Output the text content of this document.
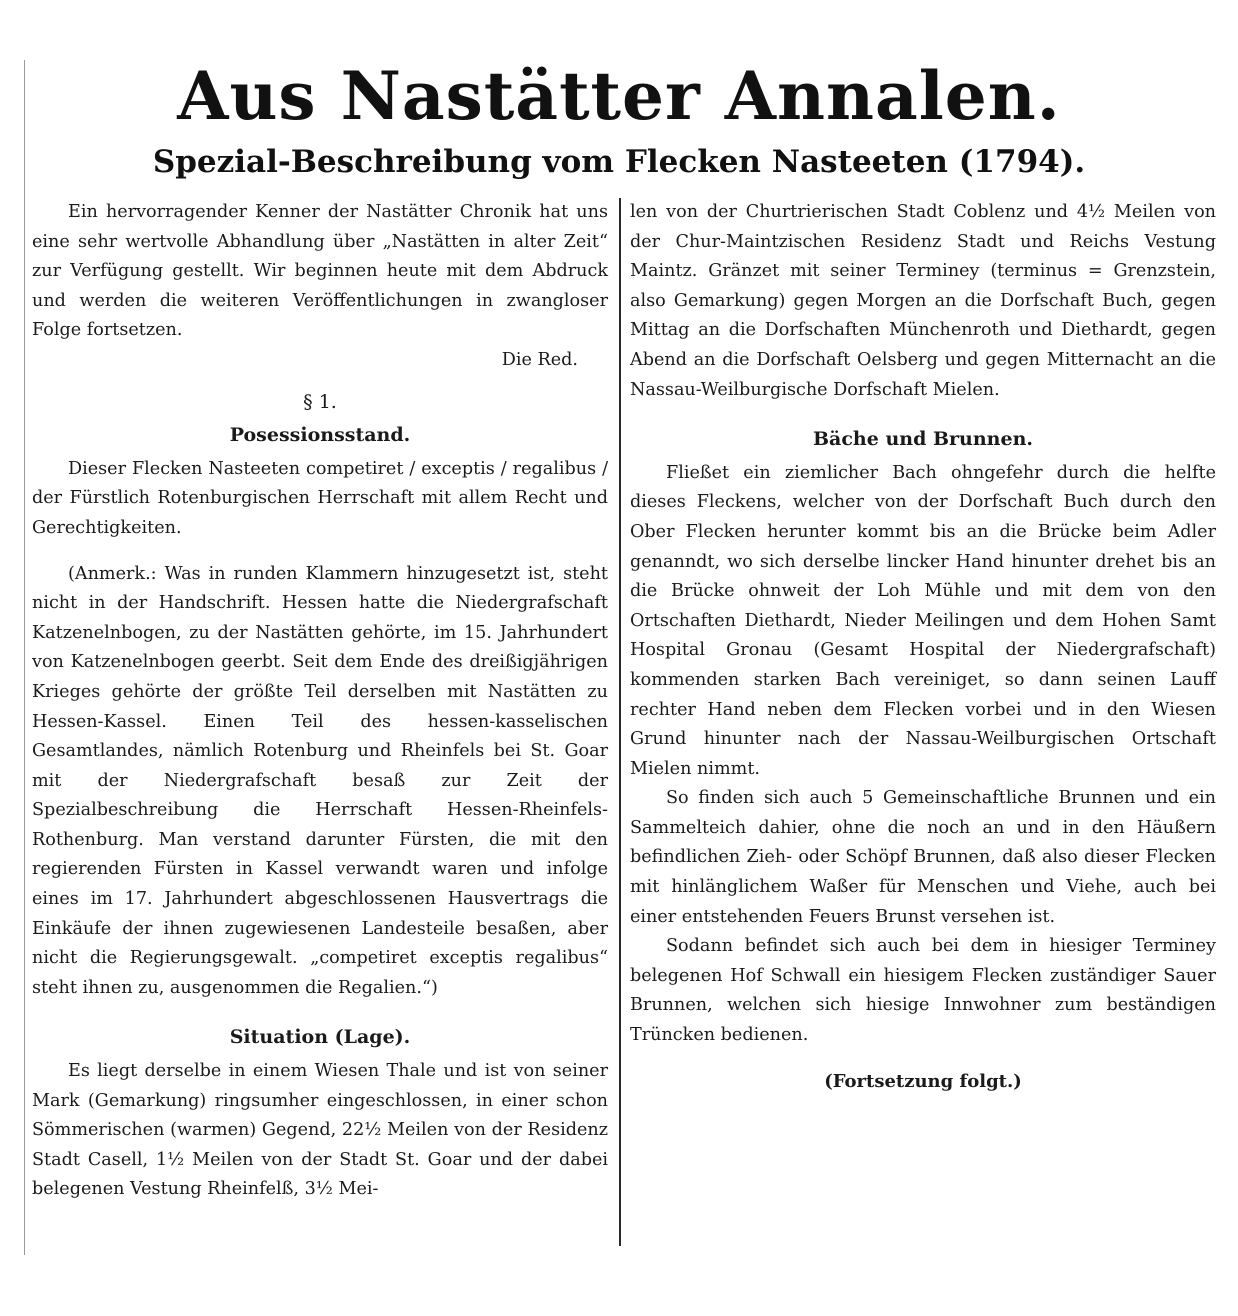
Aus Nastätter Annalen.
Spezial-Beschreibung vom Flecken Nasteeten (1794).

Ein hervorragender Kenner der Nastätter Chronik hat uns eine sehr wertvolle Abhandlung über „Nastätten in alter Zeit“ zur Verfügung gestellt. Wir beginnen heute mit dem Abdruck und werden die weiteren Veröffentlichungen in zwangloser Folge fortsetzen.

Die Red.

§ 1.

Posessionsstand.

Dieser Flecken Nasteeten competiret / exceptis / regalibus / der Fürstlich Rotenburgischen Herrschaft mit allem Recht und Gerechtigkeiten.

(Anmerk.: Was in runden Klammern hinzugesetzt ist, steht nicht in der Handschrift. Hessen hatte die Niedergrafschaft Katzenelnbogen, zu der Nastätten gehörte, im 15. Jahrhundert von Katzenelnbogen geerbt. Seit dem Ende des dreißigjährigen Krieges gehörte der größte Teil derselben mit Nastätten zu Hessen-Kassel. Einen Teil des hessen-kasselischen Gesamtlandes, nämlich Rotenburg und Rheinfels bei St. Goar mit der Niedergrafschaft besaß zur Zeit der Spezialbeschreibung die Herrschaft Hessen-Rheinfels-Rothenburg. Man verstand darunter Fürsten, die mit den regierenden Fürsten in Kassel verwandt waren und infolge eines im 17. Jahrhundert abgeschlossenen Hausvertrags die Einkäufe der ihnen zugewiesenen Landesteile besaßen, aber nicht die Regierungsgewalt. „competiret exceptis regalibus“ steht ihnen zu, ausgenommen die Regalien.“)

Situation (Lage).

Es liegt derselbe in einem Wiesen Thale und ist von seiner Mark (Gemarkung) ringsumher eingeschlossen, in einer schon Sömmerischen (warmen) Gegend, 22½ Meilen von der Residenz Stadt Casell, 1½ Meilen von der Stadt St. Goar und der dabei belegenen Vestung Rheinfelß, 3½ Mei-

len von der Churtrierischen Stadt Coblenz und 4½ Meilen von der Chur-Maintzischen Residenz Stadt und Reichs Vestung Maintz. Gränzet mit seiner Terminey (terminus = Grenzstein, also Gemarkung) gegen Morgen an die Dorfschaft Buch, gegen Mittag an die Dorfschaften Münchenroth und Diethardt, gegen Abend an die Dorfschaft Oelsberg und gegen Mitternacht an die Nassau-Weilburgische Dorfschaft Mielen.

Bäche und Brunnen.

Fließet ein ziemlicher Bach ohngefehr durch die helfte dieses Fleckens, welcher von der Dorfschaft Buch durch den Ober Flecken herunter kommt bis an die Brücke beim Adler genanndt, wo sich derselbe lincker Hand hinunter drehet bis an die Brücke ohnweit der Loh Mühle und mit dem von den Ortschaften Diethardt, Nieder Meilingen und dem Hohen Samt Hospital Gronau (Gesamt Hospital der Niedergrafschaft) kommenden starken Bach vereiniget, so dann seinen Lauff rechter Hand neben dem Flecken vorbei und in den Wiesen Grund hinunter nach der Nassau-Weilburgischen Ortschaft Mielen nimmt.

So finden sich auch 5 Gemeinschaftliche Brunnen und ein Sammelteich dahier, ohne die noch an und in den Häußern befindlichen Zieh- oder Schöpf Brunnen, daß also dieser Flecken mit hinlänglichem Waßer für Menschen und Viehe, auch bei einer entstehenden Feuers Brunst versehen ist.

Sodann befindet sich auch bei dem in hiesiger Terminey belegenen Hof Schwall ein hiesigem Flecken zuständiger Sauer Brunnen, welchen sich hiesige Innwohner zum beständigen Trüncken bedienen.

(Fortsetzung folgt.)
